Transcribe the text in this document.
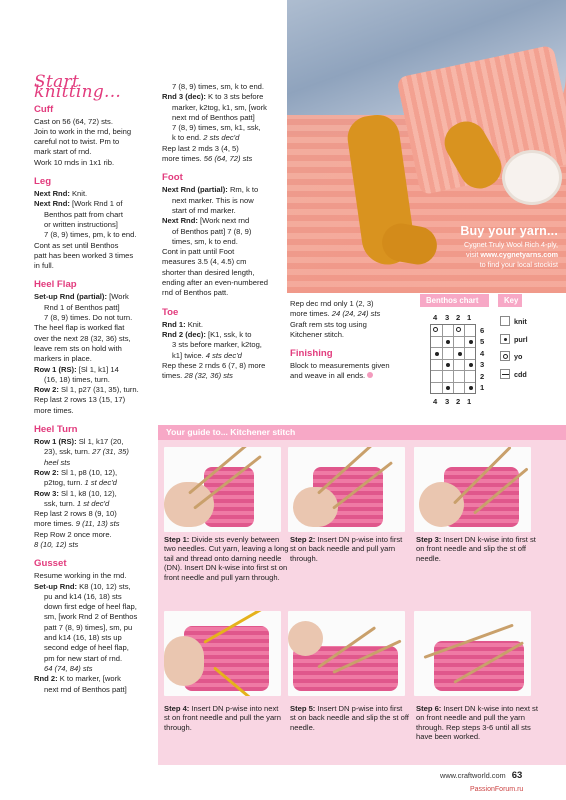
Buy your yarn...
Cygnet Truly Wool Rich 4-ply,
visit www.cygnetyarns.com
to find your local stockist
Start knitting...
Cuff

Cast on 56 (64, 72) sts.

Join to work in the rnd, being

careful not to twist. Pm to

mark start of rnd.

Work 10 rnds in 1x1 rib.

Leg

Next Rnd: Knit.

Next Rnd: [Work Rnd 1 of

Benthos patt from chart

or written instructions]

7 (8, 9) times, pm, k to end.

Cont as set until Benthos

patt has been worked 3 times

in full.

Heel Flap

Set-up Rnd (partial): [Work

Rnd 1 of Benthos patt]

7 (8, 9) times. Do not turn.

The heel flap is worked flat

over the next 28 (32, 36) sts,

leave rem sts on hold with

markers in place.

Row 1 (RS): [Sl 1, k1] 14

(16, 18) times, turn.

Row 2: Sl 1, p27 (31, 35), turn.

Rep last 2 rows 13 (15, 17)

more times.

Heel Turn

Row 1 (RS): Sl 1, k17 (20,

23), ssk, turn. 27 (31, 35)

heel sts

Row 2: Sl 1, p8 (10, 12),

p2tog, turn. 1 st dec'd

Row 3: Sl 1, k8 (10, 12),

ssk, turn. 1 st dec'd

Rep last 2 rows 8 (9, 10)

more times. 9 (11, 13) sts

Rep Row 2 once more.

8 (10, 12) sts

Gusset

Resume working in the rnd.

Set-up Rnd: K8 (10, 12) sts,

pu and k14 (16, 18) sts

down first edge of heel flap,

sm, [work Rnd 2 of Benthos

patt 7 (8, 9) times], sm, pu

and k14 (16, 18) sts up

second edge of heel flap,

pm for new start of rnd.

64 (74, 84) sts

Rnd 2: K to marker, [work

next rnd of Benthos patt]

7 (8, 9) times, sm, k to end.

Rnd 3 (dec): K to 3 sts before

marker, k2tog, k1, sm, [work

next rnd of Benthos patt]

7 (8, 9) times, sm, k1, ssk,

k to end. 2 sts dec'd

Rep last 2 mds 3 (4, 5)

more times. 56 (64, 72) sts

Foot

Next Rnd (partial): Rm, k to

next marker. This is now

start of rnd marker.

Next Rnd: [Work next rnd

of Benthos patt] 7 (8, 9)

times, sm, k to end.

Cont in patt until Foot

measures 3.5 (4, 4.5) cm

shorter than desired length,

ending after an even-numbered

rnd of Benthos patt.

Toe

Rnd 1: Knit.

Rnd 2 (dec): [K1, ssk, k to

3 sts before marker, k2tog,

k1] twice. 4 sts dec'd

Rep these 2 rnds 6 (7, 8) more

times. 28 (32, 36) sts

Rep dec rnd only 1 (2, 3)

more times. 24 (24, 24) sts

Graft rem sts tog using

Kitchener stitch.

Finishing

Block to measurements given

and weave in all ends.

Benthos chart	Key
4 3 2 1
6
5
4
3
2
1
4 3 2 1
knit
purl
yo
cdd
Your guide to... Kitchener stitch
Step 1: Divide sts evenly between two needles. Cut yarn, leaving a long tail and thread onto darning needle (DN). Insert DN k-wise into first st on front needle and pull yarn through.
Step 2: Insert DN p-wise into first st on back needle and pull yarn through.
Step 3: Insert DN k-wise into first st on front needle and slip the st off needle.
Step 4: Insert DN p-wise into next st on front needle and pull the yarn through.
Step 5: Insert DN p-wise into first st on back needle and slip the st off needle.
Step 6: Insert DN k-wise into next st on front needle and pull the yarn through. Rep steps 3-6 until all sts have been worked.
www.craftworld.com 63
PassionForum.ru
